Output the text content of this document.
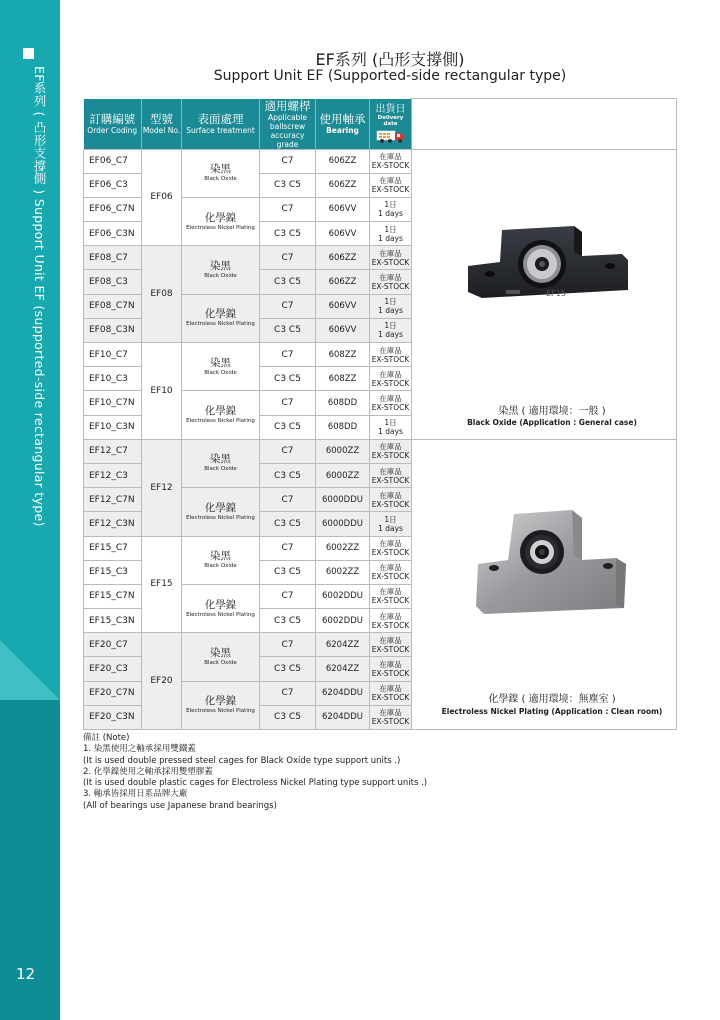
EF系列 ( 凸形支撐側 ) Support Unit EF (supported-side rectangular type)
12
EF系列 (凸形支撐側)
Support Unit EF (Supported-side rectangular type)
訂購編號
Order Coding	型號
Model No.	表面處理
Surface treatment	適用螺桿
Applicable
ballscrew
accuracy grade	使用軸承
Bearing	出貨日
Delivery
date	

EF06_C7	EF06	染黑
Black Oxide	C7	606ZZ	在庫品
EX-STOCK	

EF06_C3			C3 C5	606ZZ	在庫品
EX-STOCK	

EF06_C7N		化學鎳
Electroless Nickel Plating	C7	606VV	1日
1 days	

EF06_C3N			C3 C5	606VV	1日
1 days	

EF08_C7	EF08	染黑
Black Oxide	C7	606ZZ	在庫品
EX-STOCK	

EF08_C3			C3 C5	606ZZ	在庫品
EX-STOCK	

EF08_C7N		化學鎳
Electroless Nickel Plating	C7	606VV	1日
1 days	

EF08_C3N			C3 C5	606VV	1日
1 days	

EF10_C7	EF10	染黑
Black Oxide	C7	608ZZ	在庫品
EX-STOCK	

EF10_C3			C3 C5	608ZZ	在庫品
EX-STOCK	

EF10_C7N		化學鎳
Electroless Nickel Plating	C7	608DD	在庫品
EX-STOCK	

EF10_C3N			C3 C5	608DD	1日
1 days	

EF12_C7	EF12	染黑
Black Oxide	C7	6000ZZ	在庫品
EX-STOCK	

EF12_C3			C3 C5	6000ZZ	在庫品
EX-STOCK	

EF12_C7N		化學鎳
Electroless Nickel Plating	C7	6000DDU	在庫品
EX-STOCK	

EF12_C3N			C3 C5	6000DDU	1日
1 days	

EF15_C7	EF15	染黑
Black Oxide	C7	6002ZZ	在庫品
EX-STOCK	

EF15_C3			C3 C5	6002ZZ	在庫品
EX-STOCK	

EF15_C7N		化學鎳
Electroless Nickel Plating	C7	6002DDU	在庫品
EX-STOCK	

EF15_C3N			C3 C5	6002DDU	在庫品
EX-STOCK	

EF20_C7	EF20	染黑
Black Oxide	C7	6204ZZ	在庫品
EX-STOCK	

EF20_C3			C3 C5	6204ZZ	在庫品
EX-STOCK	

EF20_C7N		化學鎳
Electroless Nickel Plating	C7	6204DDU	在庫品
EX-STOCK	

EF20_C3N			C3 C5	6204DDU	在庫品
EX-STOCK	
EF15
染黑 ( 適用環境：一般 )
Black Oxide (Application : General case)
化學鎳 ( 適用環境：無塵室 )
Electroless Nickel Plating (Application : Clean room)
備註 (Note)
1. 染黑使用之軸承採用雙鐵蓋
(It is used double pressed steel cages for Black Oxide type support units .)
2. 化學鎳使用之軸承採用雙塑膠蓋
(It is used double plastic cages for Electroless Nickel Plating type support units .)
3. 軸承皆採用日系品牌大廠
(All of bearings use Japanese brand bearings)
